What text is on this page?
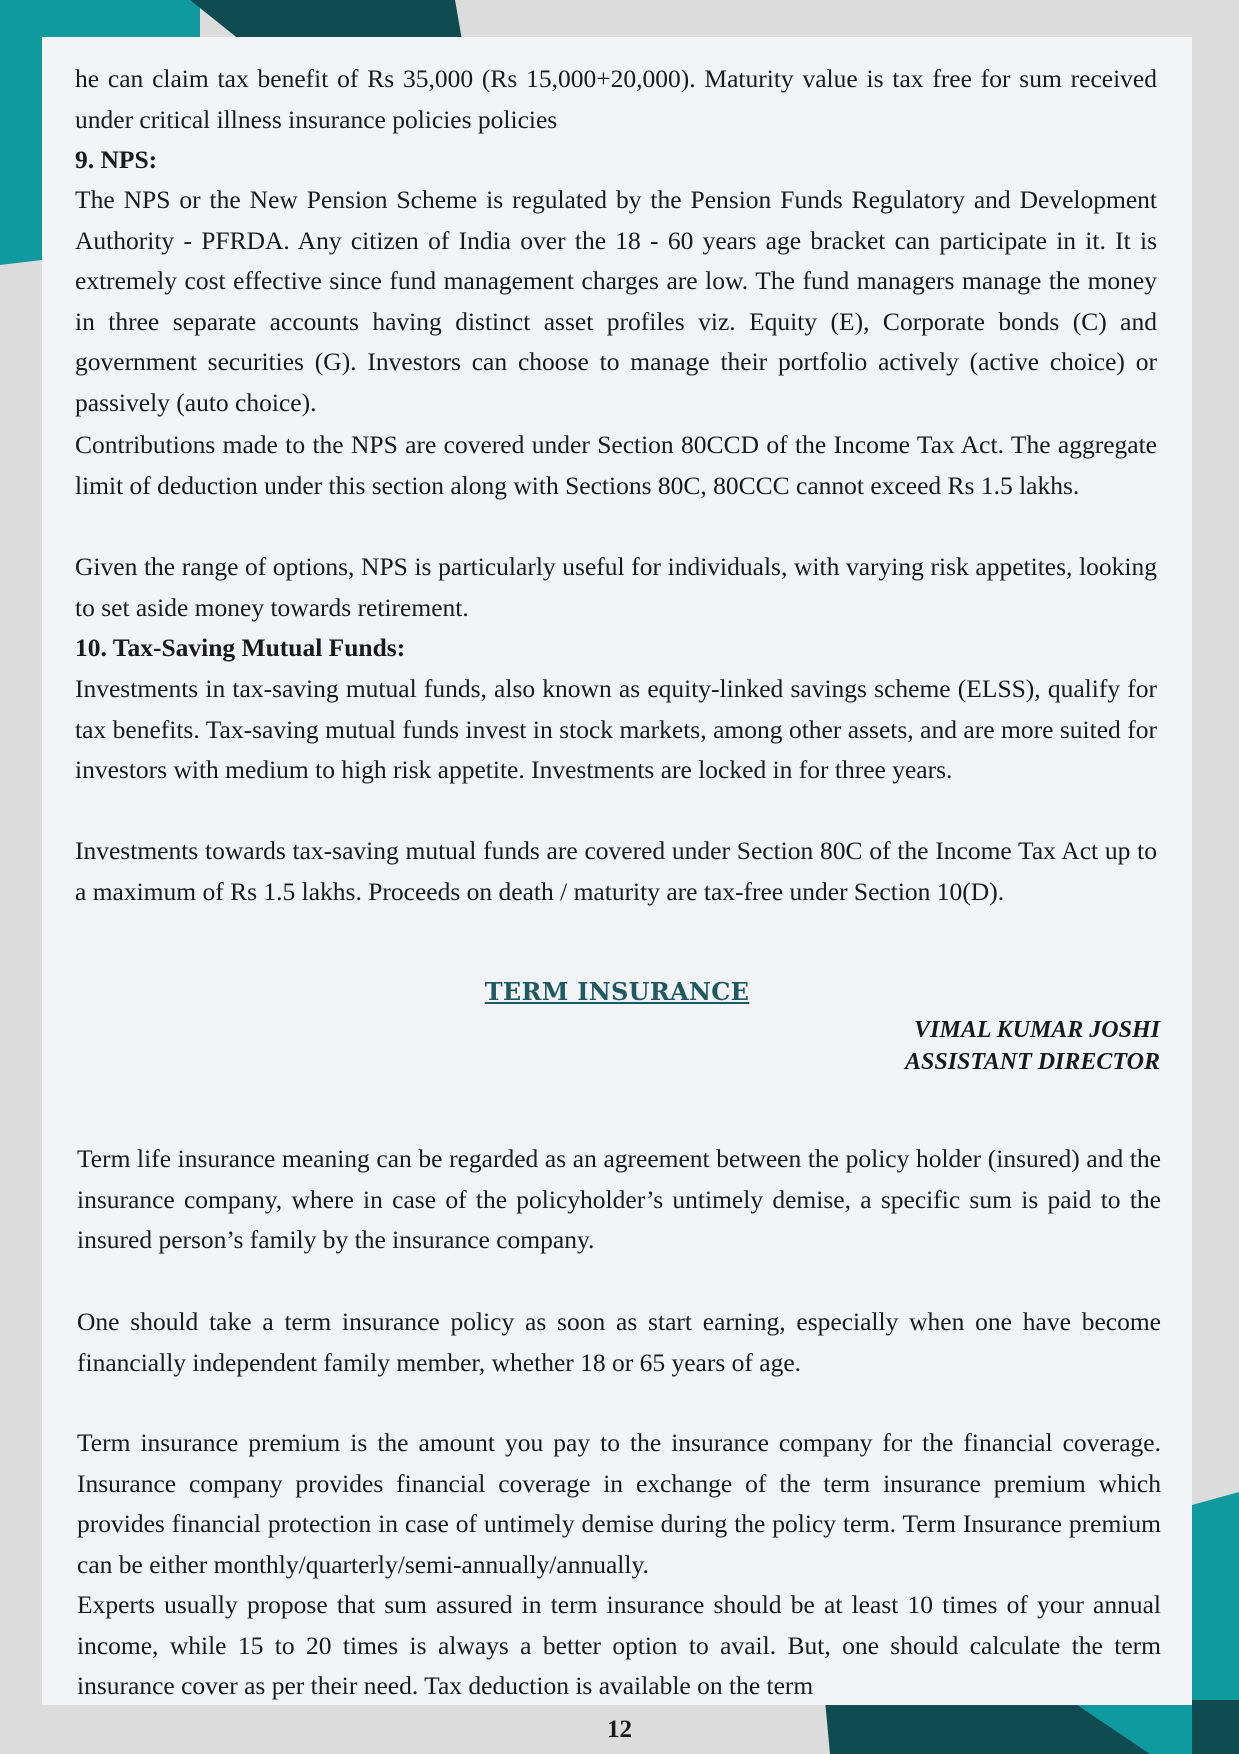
he can claim tax benefit of Rs 35,000 (Rs 15,000+20,000). Maturity value is tax free for sum received under critical illness insurance policies policies

9. NPS:

The NPS or the New Pension Scheme is regulated by the Pension Funds Regulatory and Development Authority - PFRDA. Any citizen of India over the 18 - 60 years age bracket can participate in it. It is extremely cost effective since fund management charges are low. The fund managers manage the money in three separate accounts having distinct asset profiles viz. Equity (E), Corporate bonds (C) and government securities (G). Investors can choose to manage their portfolio actively (active choice) or passively (auto choice).

Contributions made to the NPS are covered under Section 80CCD of the Income Tax Act. The aggregate limit of deduction under this section along with Sections 80C, 80CCC cannot exceed Rs 1.5 lakhs.

Given the range of options, NPS is particularly useful for individuals, with varying risk appetites, looking to set aside money towards retirement.

10. Tax-Saving Mutual Funds:

Investments in tax-saving mutual funds, also known as equity-linked savings scheme (ELSS), qualify for tax benefits. Tax-saving mutual funds invest in stock markets, among other assets, and are more suited for investors with medium to high risk appetite. Investments are locked in for three years.

Investments towards tax-saving mutual funds are covered under Section 80C of the Income Tax Act up to a maximum of Rs 1.5 lakhs. Proceeds on death / maturity are tax-free under Section 10(D).

TERM INSURANCE
VIMAL KUMAR JOSHI
ASSISTANT DIRECTOR

Term life insurance meaning can be regarded as an agreement between the policy holder (insured) and the insurance company, where in case of the policyholder’s untimely demise, a specific sum is paid to the insured person’s family by the insurance company.

One should take a term insurance policy as soon as start earning, especially when one have become financially independent family member, whether 18 or 65 years of age.

Term insurance premium is the amount you pay to the insurance company for the financial coverage. Insurance company provides financial coverage in exchange of the term insurance premium which provides financial protection in case of untimely demise during the policy term. Term Insurance premium can be either monthly/quarterly/semi-annually/annually.

Experts usually propose that sum assured in term insurance should be at least 10 times of your annual income, while 15 to 20 times is always a better option to avail. But, one should calculate the term insurance cover as per their need. Tax deduction is available on the term

12
